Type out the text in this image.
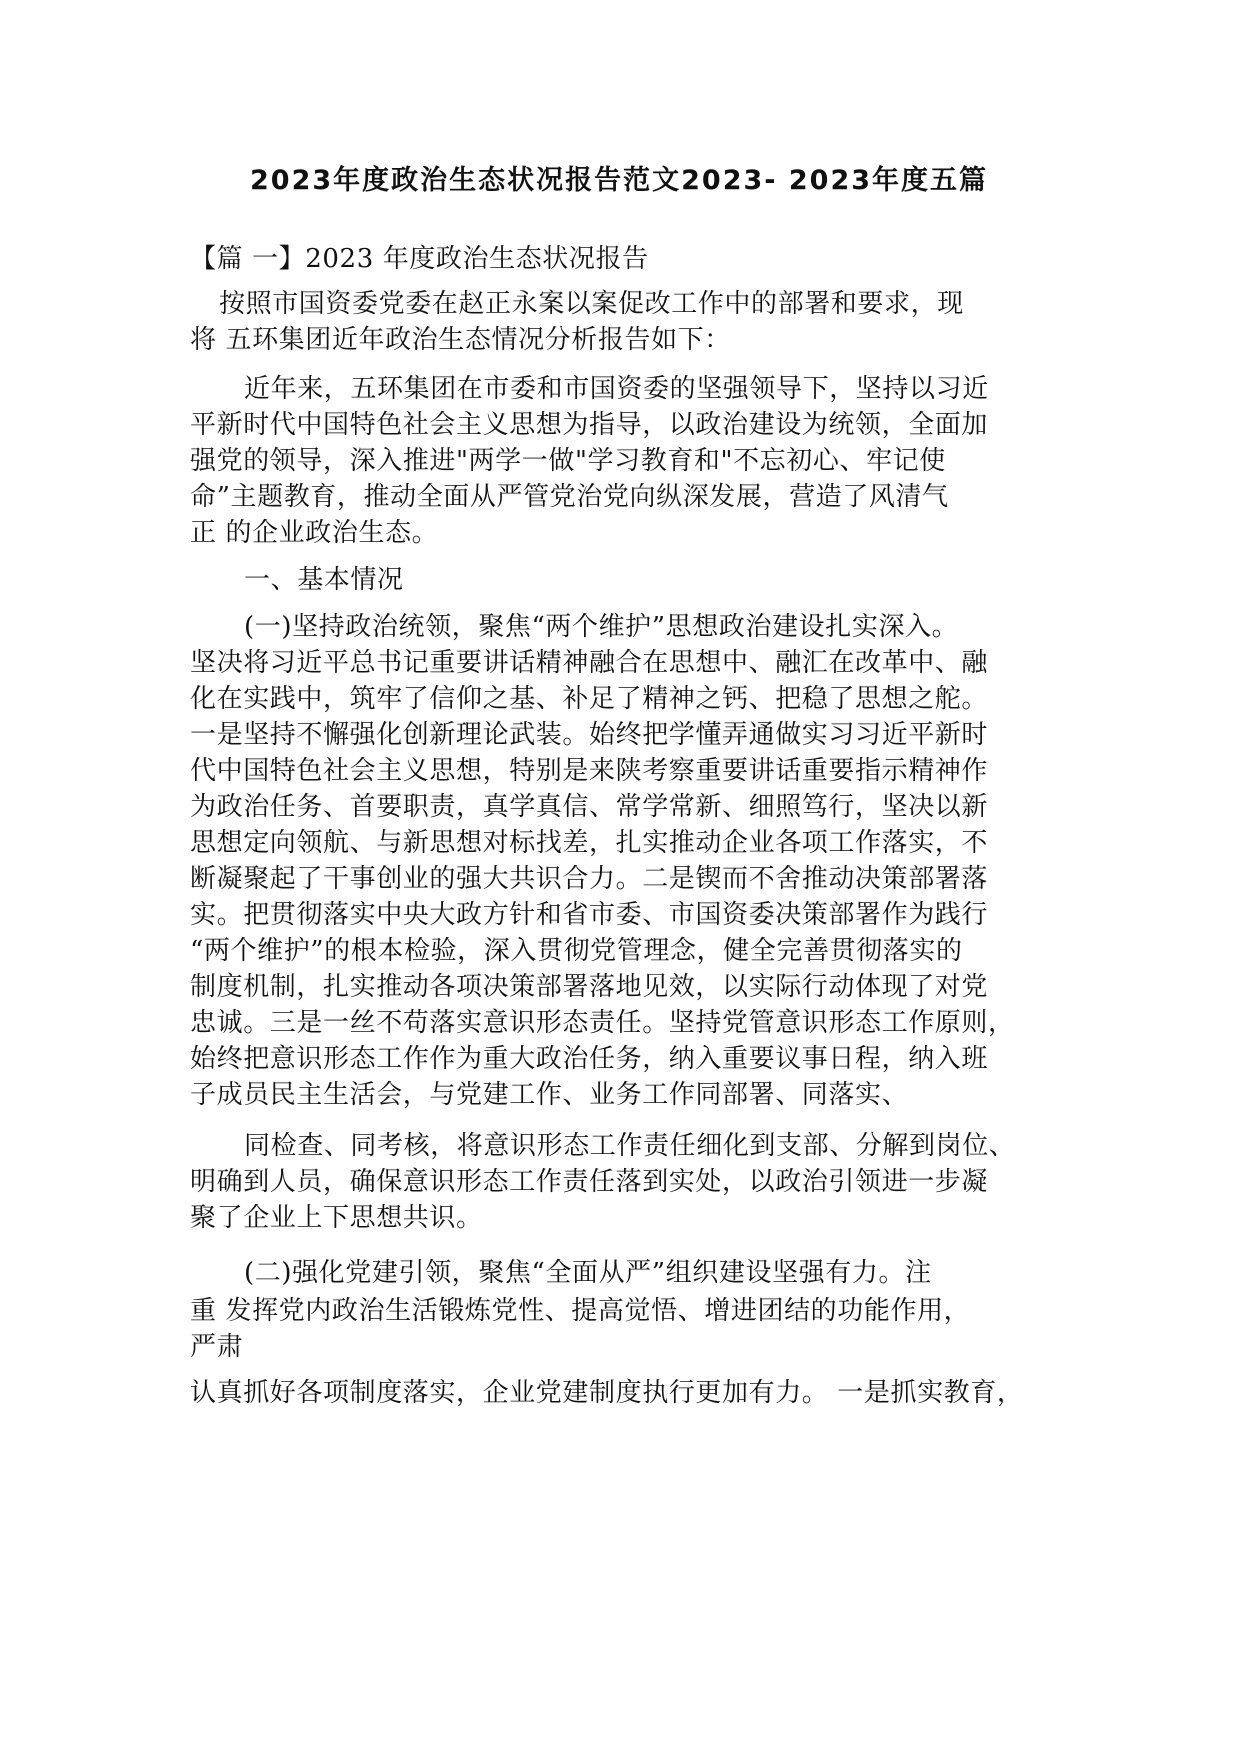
2023年度政治生态状况报告范文2023- 2023年度五篇
【篇 一】2023 年度政治生态状况报告
按照市国资委党委在赵正永案以案促改工作中的部署和要求，现
将 五环集团近年政治生态情况分析报告如下：
近年来，五环集团在市委和市国资委的坚强领导下，坚持以习近
平新时代中国特色社会主义思想为指导，以政治建设为统领，全面加
强党的领导，深入推进"两学一做"学习教育和"不忘初心、牢记使
命”主题教育，推动全面从严管党治党向纵深发展，营造了风清气
正 的企业政治生态。
一、基本情况
(一)坚持政治统领，聚焦“两个维护”思想政治建设扎实深入。
坚决将习近平总书记重要讲话精神融合在思想中、融汇在改革中、融
化在实践中，筑牢了信仰之基、补足了精神之钙、把稳了思想之舵。
一是坚持不懈强化创新理论武装。始终把学懂弄通做实习习近平新时
代中国特色社会主义思想，特别是来陕考察重要讲话重要指示精神作
为政治任务、首要职责，真学真信、常学常新、细照笃行，坚决以新
思想定向领航、与新思想对标找差，扎实推动企业各项工作落实，不
断凝聚起了干事创业的强大共识合力。二是锲而不舍推动决策部署落
实。把贯彻落实中央大政方针和省市委、市国资委决策部署作为践行
“两个维护”的根本检验，深入贯彻党管理念，健全完善贯彻落实的
制度机制，扎实推动各项决策部署落地见效，以实际行动体现了对党
忠诚。三是一丝不苟落实意识形态责任。坚持党管意识形态工作原则，
始终把意识形态工作作为重大政治任务，纳入重要议事日程，纳入班
子成员民主生活会，与党建工作、业务工作同部署、同落实、
同检查、同考核，将意识形态工作责任细化到支部、分解到岗位、
明确到人员，确保意识形态工作责任落到实处，以政治引领进一步凝
聚了企业上下思想共识。
(二)强化党建引领，聚焦“全面从严”组织建设坚强有力。注
重 发挥党内政治生活锻炼党性、提高觉悟、增进团结的功能作用，
严肃
认真抓好各项制度落实，企业党建制度执行更加有力。 一是抓实教育，
